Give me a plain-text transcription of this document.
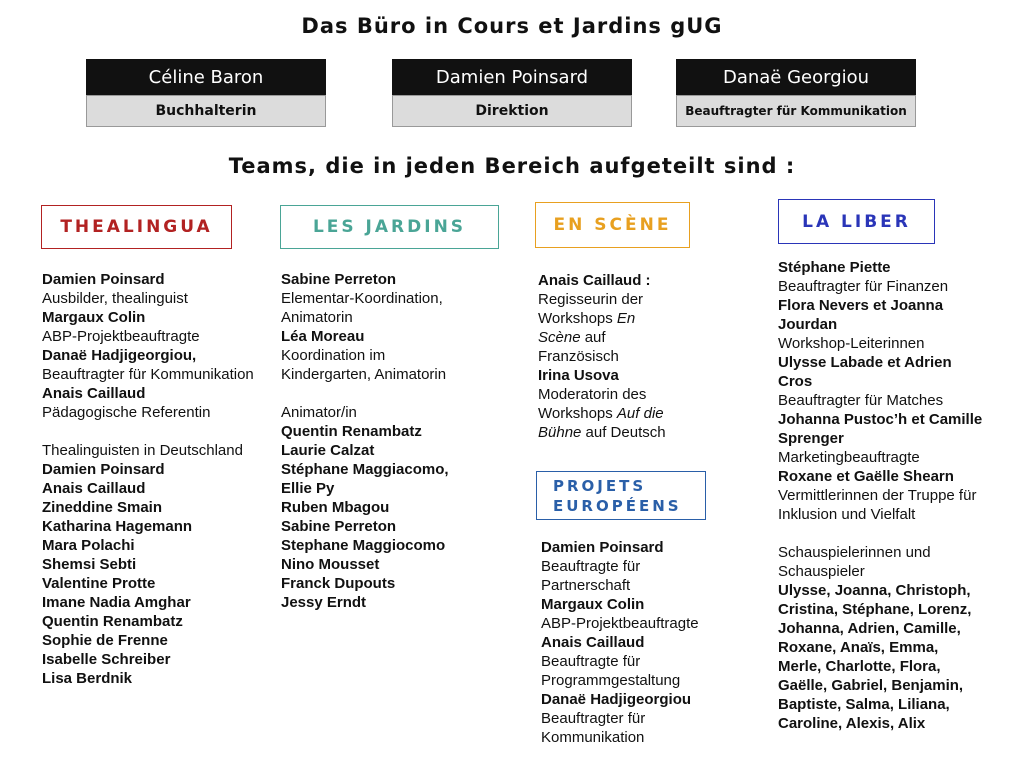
Das Büro in Cours et Jardins gUG
Céline Baron
Buchhalterin
Damien Poinsard
Direktion
Danaë Georgiou
Beauftragter für Kommunikation
Teams, die in jeden Bereich aufgeteilt sind :
THEALINGUA	LES JARDINS	EN SCÈNE	LA LIBER
PROJETS
EUROPÉENS
Damien Poinsard
Ausbilder, thealinguist
Margaux Colin
ABP-Projektbeauftragte
Danaë Hadjigeorgiou,
Beauftragter für Kommunikation
Anais Caillaud
Pädagogische Referentin
Thealinguisten in Deutschland
Damien Poinsard
Anais Caillaud
Zineddine Smain
Katharina Hagemann
Mara Polachi
Shemsi Sebti
Valentine Protte
Imane Nadia Amghar
Quentin Renambatz
Sophie de Frenne
Isabelle Schreiber
Lisa Berdnik
Sabine Perreton
Elementar-Koordination,
Animatorin
Léa Moreau
Koordination im
Kindergarten, Animatorin
Animator/in
Quentin Renambatz
Laurie Calzat
Stéphane Maggiacomo,
Ellie Py
Ruben Mbagou
Sabine Perreton
Stephane Maggiocomo
Nino Mousset
Franck Dupouts
Jessy Erndt
Anais Caillaud :
Regisseurin der
Workshops En
Scène auf
Französisch
Irina Usova
Moderatorin des
Workshops Auf die
Bühne auf Deutsch
Damien Poinsard
Beauftragte für
Partnerschaft
Margaux Colin
ABP-Projektbeauftragte
Anais Caillaud
Beauftragte für
Programmgestaltung
Danaë Hadjigeorgiou
Beauftragter für
Kommunikation
Stéphane Piette
Beauftragter für Finanzen
Flora Nevers et Joanna
Jourdan
Workshop-Leiterinnen
Ulysse Labade et Adrien
Cros
Beauftragter für Matches
Johanna Pustoc’h et Camille
Sprenger
Marketingbeauftragte
Roxane et Gaëlle Shearn
Vermittlerinnen der Truppe für
Inklusion und Vielfalt
Schauspielerinnen und
Schauspieler
Ulysse, Joanna, Christoph,
Cristina, Stéphane, Lorenz,
Johanna, Adrien, Camille,
Roxane, Anaïs, Emma,
Merle, Charlotte, Flora,
Gaëlle, Gabriel, Benjamin,
Baptiste, Salma, Liliana,
Caroline, Alexis, Alix
